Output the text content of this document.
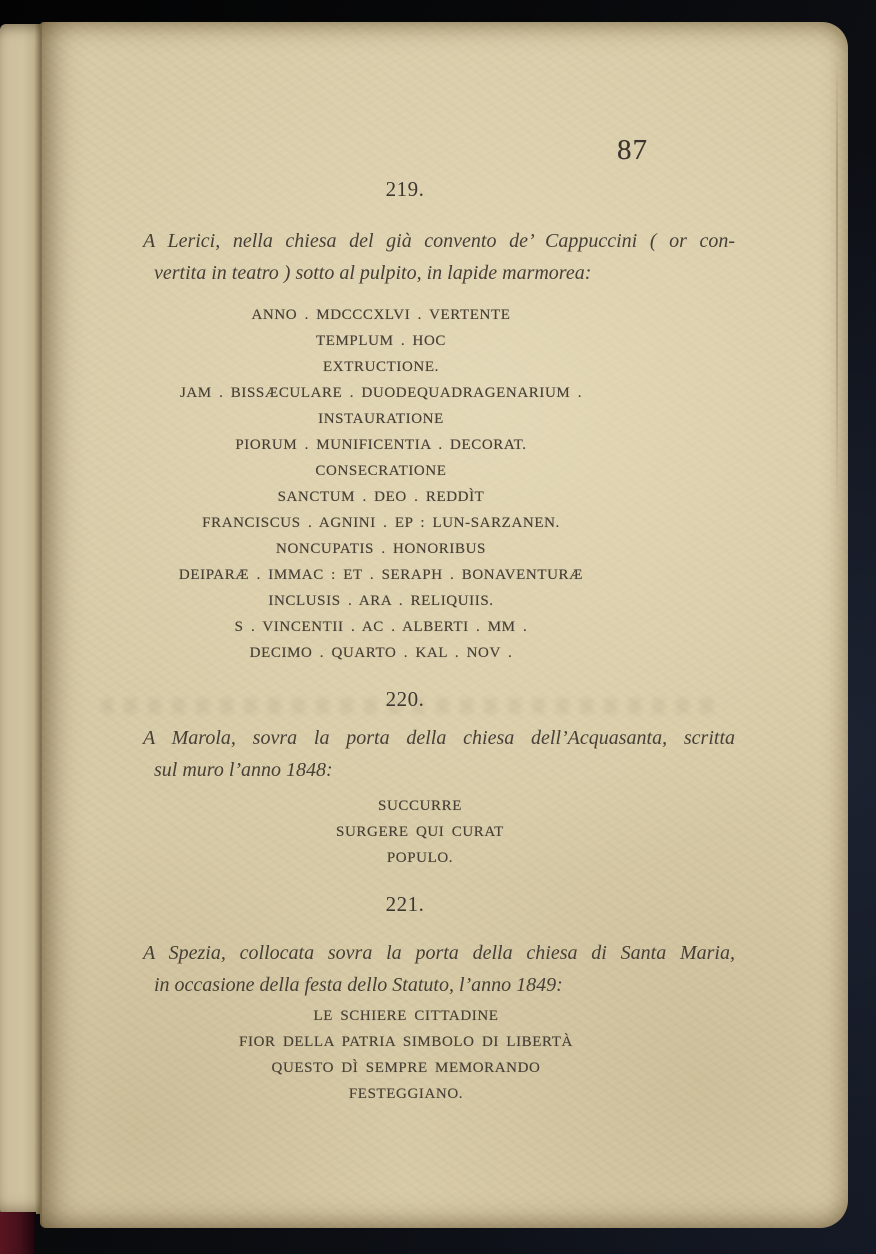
87
219.
A Lerici, nella chiesa del già convento de’ Cappuccini ( or con-
vertita in teatro ) sotto al pulpito, in lapide marmorea:
ANNO . MDCCCXLVI . VERTENTE
TEMPLUM . HOC
EXTRUCTIONE.
JAM . BISSÆCULARE . DUODEQUADRAGENARIUM .
INSTAURATIONE
PIORUM . MUNIFICENTIA . DECORAT.
CONSECRATIONE
SANCTUM . DEO . REDDÌT
FRANCISCUS . AGNINI . EP : LUN-SARZANEN.
NONCUPATIS . HONORIBUS
DEIPARÆ . IMMAC : ET . SERAPH . BONAVENTURÆ
INCLUSIS . ARA . RELIQUIIS.
S . VINCENTII . AC . ALBERTI . MM .
DECIMO . QUARTO . KAL . NOV .
220.
A Marola, sovra la porta della chiesa dell’Acquasanta, scritta
sul muro l’anno 1848:
SUCCURRE
SURGERE QUI CURAT
POPULO.
221.
A Spezia, collocata sovra la porta della chiesa di Santa Maria,
in occasione della festa dello Statuto, l’anno 1849:
LE SCHIERE CITTADINE
FIOR DELLA PATRIA SIMBOLO DI LIBERTÀ
QUESTO DÌ SEMPRE MEMORANDO
FESTEGGIANO.
